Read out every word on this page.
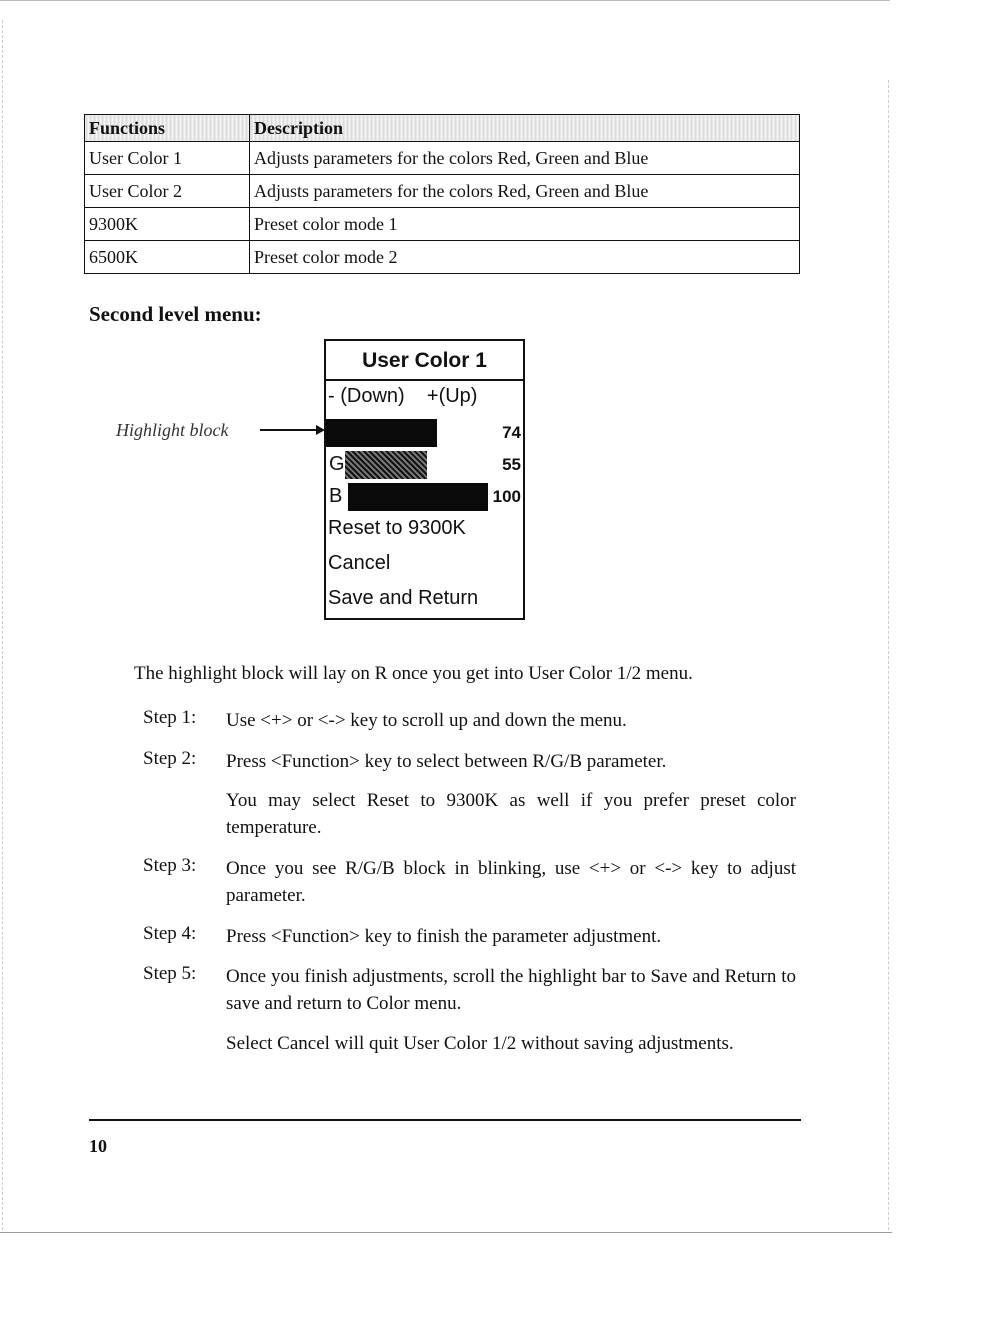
Functions	Description
User Color 1	Adjusts parameters for the colors Red, Green and Blue
User Color 2	Adjusts parameters for the colors Red, Green and Blue
9300K	Preset color mode 1
6500K	Preset color mode 2
Second level menu:
Highlight block
User Color 1
- (Down)    +(Up)
74
G	55
B	100
Reset to 9300K
Cancel
Save and Return
The highlight block will lay on R once you get into User Color 1/2 menu.
Step 1: Use <+> or <-> key to scroll up and down the menu.
Step 2: Press <Function> key to select between R/G/B parameter.
You may select Reset to 9300K as well if you prefer preset color temperature.
Step 3: Once you see R/G/B block in blinking, use <+> or <-> key to adjust parameter.
Step 4: Press <Function> key to finish the parameter adjustment.
Step 5: Once you finish adjustments, scroll the highlight bar to Save and Return to save and return to Color menu.
Select Cancel will quit User Color 1/2 without saving adjustments.
10
